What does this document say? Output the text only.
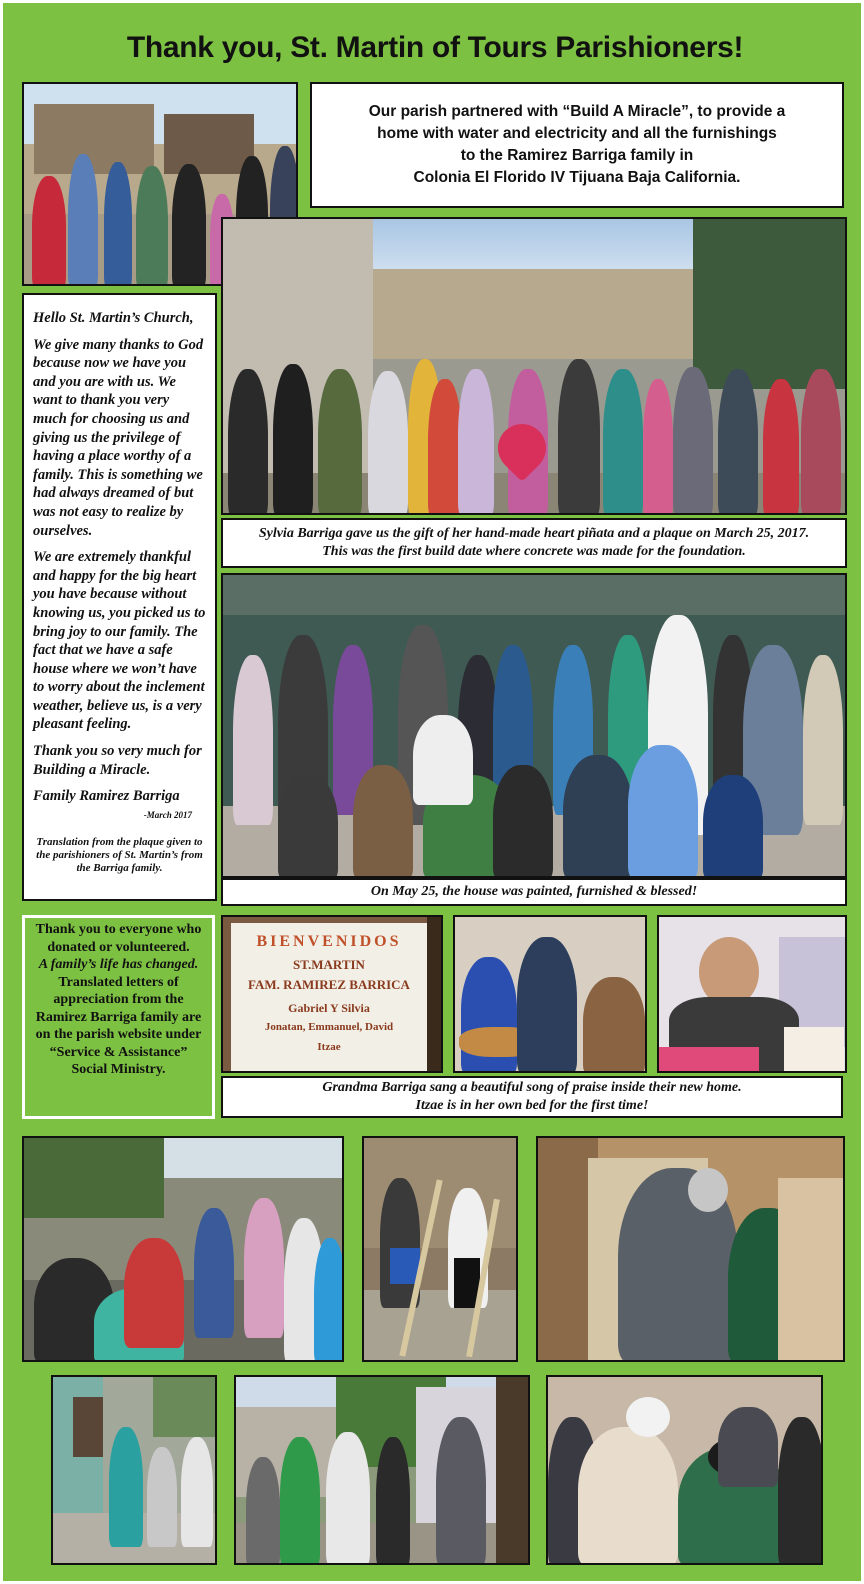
Thank you, St. Martin of Tours Parishioners!
Our parish partnered with “Build A Miracle”, to provide a
home with water and electricity and all the furnishings
to the Ramirez Barriga family in
Colonia El Florido IV Tijuana Baja California.

Hello St. Martin’s Church,

We give many thanks to God because now we have you and you are with us. We want to thank you very much for choosing us and giving us the privilege of having a place worthy of a family. This is something we had always dreamed of but was not easy to realize by ourselves.

We are extremely thankful and happy for the big heart you have because without knowing us, you picked us to bring joy to our family. The fact that we have a safe house where we won’t have to worry about the inclement weather, believe us, is a very pleasant feeling.

Thank you so very much for Building a Miracle.

Family Ramirez Barriga

-March 2017

Translation from the plaque given to the parishioners of St. Martin’s from the Barriga family.

Sylvia Barriga gave us the gift of her hand-made heart piñata and a plaque on March 25, 2017.
This was the first build date where concrete was made for the foundation.
On May 25, the house was painted, furnished & blessed!
Thank you to everyone who donated or volunteered.
A family’s life has changed.
Translated letters of appreciation from the Ramirez Barriga family are on the parish website under “Service & Assistance” Social Ministry.
BIENVENIDOS
ST.MARTIN
FAM. RAMIREZ BARRICA
Gabriel Y Silvia
Jonatan, Emmanuel, David
Itzae
Grandma Barriga sang a beautiful song of praise inside their new home.
Itzae is in her own bed for the first time!
